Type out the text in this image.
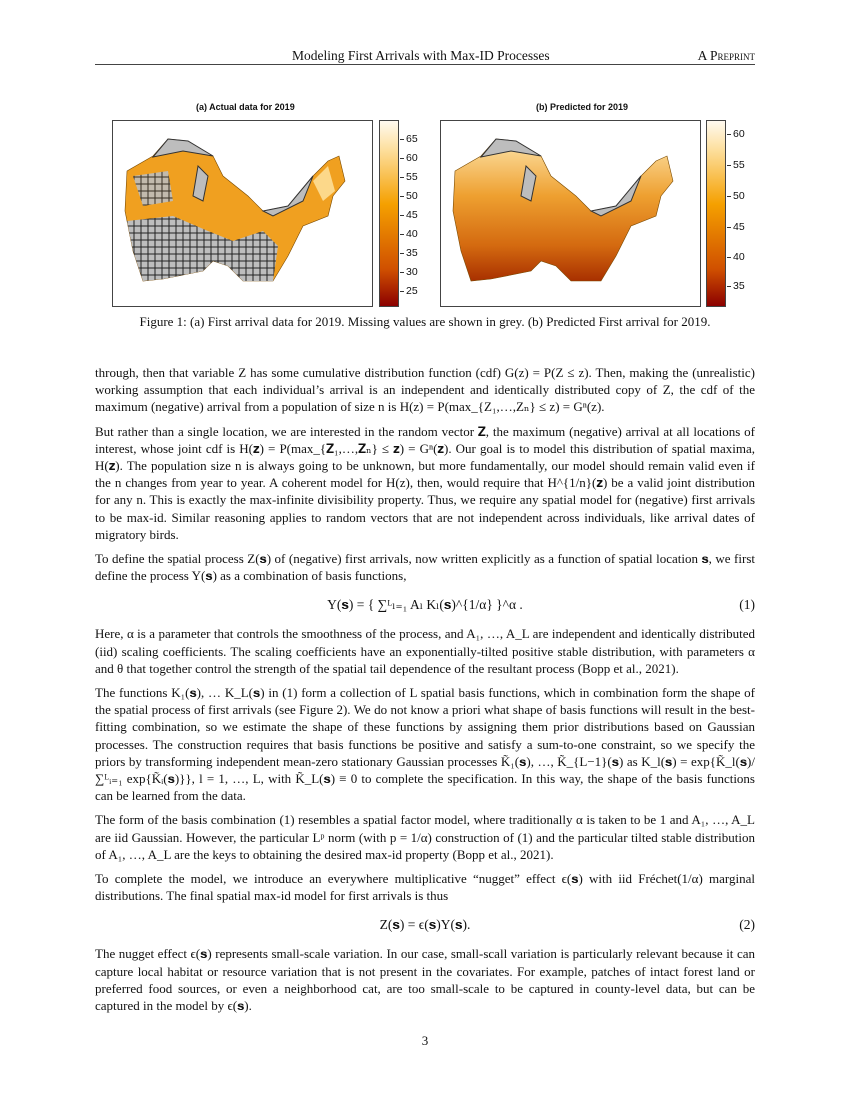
Modeling First Arrivals with Max-ID Processes	A Preprint
(a) Actual data for 2019	(b) Predicted for 2019
65
60
55
50
45
40
35
30
25
60
55
50
45
40
35
Figure 1: (a) First arrival data for 2019. Missing values are shown in grey. (b) Predicted First arrival for 2019.

through, then that variable Z has some cumulative distribution function (cdf) G(z) = P(Z ≤ z). Then, making the (unrealistic) working assumption that each individual’s arrival is an independent and identically distributed copy of Z, the cdf of the maximum (negative) arrival from a population of size n is H(z) = P(max_{Z₁,…,Zₙ} ≤ z) = Gⁿ(z).

But rather than a single location, we are interested in the random vector 𝐙, the maximum (negative) arrival at all locations of interest, whose joint cdf is H(𝐳) = P(max_{𝐙₁,…,𝐙ₙ} ≤ 𝐳) = Gⁿ(𝐳). Our goal is to model this distribution of spatial maxima, H(𝐳). The population size n is always going to be unknown, but more fundamentally, our model should remain valid even if the n changes from year to year. A coherent model for H(z), then, would require that H^{1/n}(𝐳) be a valid joint distribution for any n. This is exactly the max-infinite divisibility property. Thus, we require any spatial model for (negative) first arrivals to be max-id. Similar reasoning applies to random vectors that are not independent across individuals, like arrival dates of migratory birds.

To define the spatial process Z(𝐬) of (negative) first arrivals, now written explicitly as a function of spatial location 𝐬, we first define the process Y(𝐬) as a combination of basis functions,

Y(𝐬) = { ∑ᴸₗ₌₁ Aₗ Kₗ(𝐬)^{1/α} }^α .	(1)

Here, α is a parameter that controls the smoothness of the process, and A₁, …, A_L are independent and identically distributed (iid) scaling coefficients. The scaling coefficients have an exponentially-tilted positive stable distribution, with parameters α and θ that together control the strength of the spatial tail dependence of the resultant process (Bopp et al., 2021).

The functions K₁(𝐬), … K_L(𝐬) in (1) form a collection of L spatial basis functions, which in combination form the shape of the spatial process of first arrivals (see Figure 2). We do not know a priori what shape of basis functions will result in the best-fitting combination, so we estimate the shape of these functions by assigning them prior distributions based on Gaussian processes. The construction requires that basis functions be positive and satisfy a sum-to-one constraint, so we specify the priors by transforming independent mean-zero stationary Gaussian processes K̃₁(𝐬), …, K̃_{L−1}(𝐬) as K_l(𝐬) = exp{K̃_l(𝐬)/∑ᴸᵢ₌₁ exp{K̃ᵢ(𝐬)}}, l = 1, …, L, with K̃_L(𝐬) ≡ 0 to complete the specification. In this way, the shape of the basis functions can be learned from the data.

The form of the basis combination (1) resembles a spatial factor model, where traditionally α is taken to be 1 and A₁, …, A_L are iid Gaussian. However, the particular Lᵖ norm (with p = 1/α) construction of (1) and the particular tilted stable distribution of A₁, …, A_L are the keys to obtaining the desired max-id property (Bopp et al., 2021).

To complete the model, we introduce an everywhere multiplicative “nugget” effect ϵ(𝐬) with iid Fréchet(1/α) marginal distributions. The final spatial max-id model for first arrivals is thus

Z(𝐬) = ϵ(𝐬)Y(𝐬).	(2)

The nugget effect ϵ(𝐬) represents small-scale variation. In our case, small-scall variation is particularly relevant because it can capture local habitat or resource variation that is not present in the covariates. For example, patches of intact forest land or preferred food sources, or even a neighborhood cat, are too small-scale to be captured in county-level data, but can be captured in the model by ϵ(𝐬).

3
